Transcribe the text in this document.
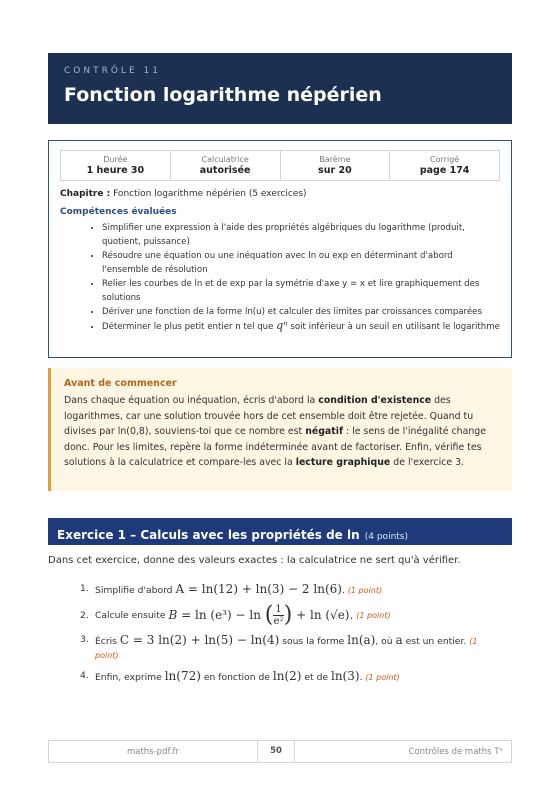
CONTRÔLE 11
Fonction logarithme népérien
Durée
1 heure 30
Calculatrice
autorisée
Barème
sur 20
Corrigé
page 174
Chapitre : Fonction logarithme népérien (5 exercices)
Compétences évaluées
• Simplifier une expression à l'aide des propriétés algébriques du logarithme (produit, quotient, puissance)
• Résoudre une équation ou une inéquation avec ln ou exp en déterminant d'abord l'ensemble de résolution
• Relier les courbes de ln et de exp par la symétrie d'axe y = x et lire graphiquement des solutions
• Dériver une fonction de la forme ln(u) et calculer des limites par croissances comparées
• Déterminer le plus petit entier n tel que qⁿ soit inférieur à un seuil en utilisant le logarithme
Avant de commencer
Dans chaque équation ou inéquation, écris d'abord la condition d'existence des logarithmes, car une solution trouvée hors de cet ensemble doit être rejetée. Quand tu divises par ln(0,8), souviens-toi que ce nombre est négatif : le sens de l'inégalité change donc. Pour les limites, repère la forme indéterminée avant de factoriser. Enfin, vérifie tes solutions à la calculatrice et compare-les avec la lecture graphique de l'exercice 3.
Exercice 1 – Calculs avec les propriétés de ln (4 points)
Dans cet exercice, donne des valeurs exactes : la calculatrice ne sert qu'à vérifier.
1. Simplifie d'abord A = ln(12) + ln(3) − 2 ln(6). (1 point)
2. Calcule ensuite B = ln (e³) − ln ( $\frac{1}{\text{e²}}$ ) + ln (√e). (1 point)
3. Écris C = 3 ln(2) + ln(5) − ln(4) sous la forme ln(a), où a est un entier. (1 point)
4. Enfin, exprime ln(72) en fonction de ln(2) et de ln(3). (1 point)
maths-pdf.fr	50	Contrôles de maths Tᵉ
